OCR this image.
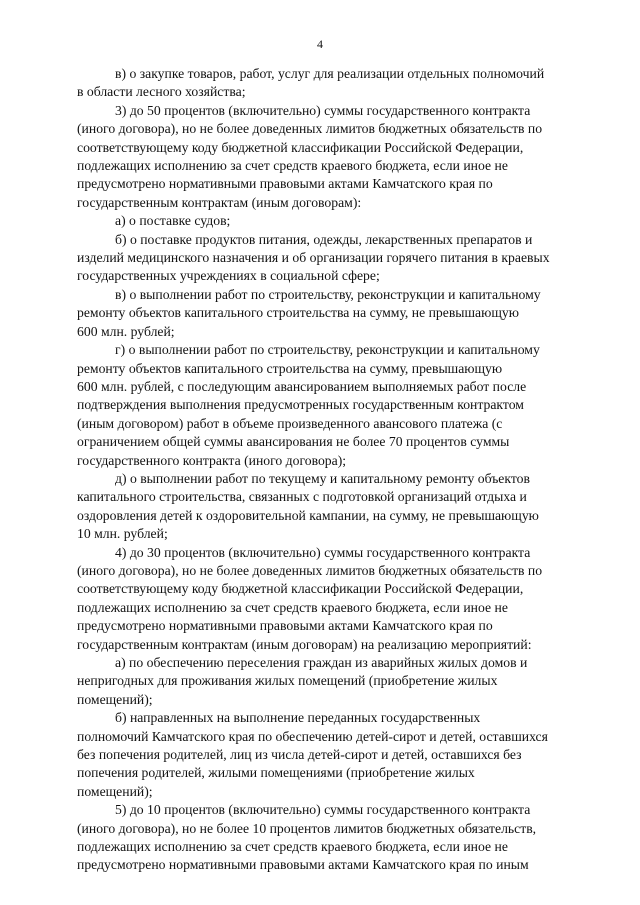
4

в) о закупке товаров, работ, услуг для реализации отдельных полномочий
в области лесного хозяйства;

3) до 50 процентов (включительно) суммы государственного контракта
(иного договора), но не более доведенных лимитов бюджетных обязательств по
соответствующему коду бюджетной классификации Российской Федерации,
подлежащих исполнению за счет средств краевого бюджета, если иное не
предусмотрено нормативными правовыми актами Камчатского края по
государственным контрактам (иным договорам):

а) о поставке судов;

б) о поставке продуктов питания, одежды, лекарственных препаратов и
изделий медицинского назначения и об организации горячего питания в краевых
государственных учреждениях в социальной сфере;

в) о выполнении работ по строительству, реконструкции и капитальному
ремонту объектов капитального строительства на сумму, не превышающую
600 млн. рублей;

г) о выполнении работ по строительству, реконструкции и капитальному
ремонту объектов капитального строительства на сумму, превышающую
600 млн. рублей, с последующим авансированием выполняемых работ после
подтверждения выполнения предусмотренных государственным контрактом
(иным договором) работ в объеме произведенного авансового платежа (с
ограничением общей суммы авансирования не более 70 процентов суммы
государственного контракта (иного договора);

д) о выполнении работ по текущему и капитальному ремонту объектов
капитального строительства, связанных с подготовкой организаций отдыха и
оздоровления детей к оздоровительной кампании, на сумму, не превышающую
10 млн. рублей;

4) до 30 процентов (включительно) суммы государственного контракта
(иного договора), но не более доведенных лимитов бюджетных обязательств по
соответствующему коду бюджетной классификации Российской Федерации,
подлежащих исполнению за счет средств краевого бюджета, если иное не
предусмотрено нормативными правовыми актами Камчатского края по
государственным контрактам (иным договорам) на реализацию мероприятий:

а) по обеспечению переселения граждан из аварийных жилых домов и
непригодных для проживания жилых помещений (приобретение жилых
помещений);

б) направленных на выполнение переданных государственных
полномочий Камчатского края по обеспечению детей-сирот и детей, оставшихся
без попечения родителей, лиц из числа детей-сирот и детей, оставшихся без
попечения родителей, жилыми помещениями (приобретение жилых
помещений);

5) до 10 процентов (включительно) суммы государственного контракта
(иного договора), но не более 10 процентов лимитов бюджетных обязательств,
подлежащих исполнению за счет средств краевого бюджета, если иное не
предусмотрено нормативными правовыми актами Камчатского края по иным
